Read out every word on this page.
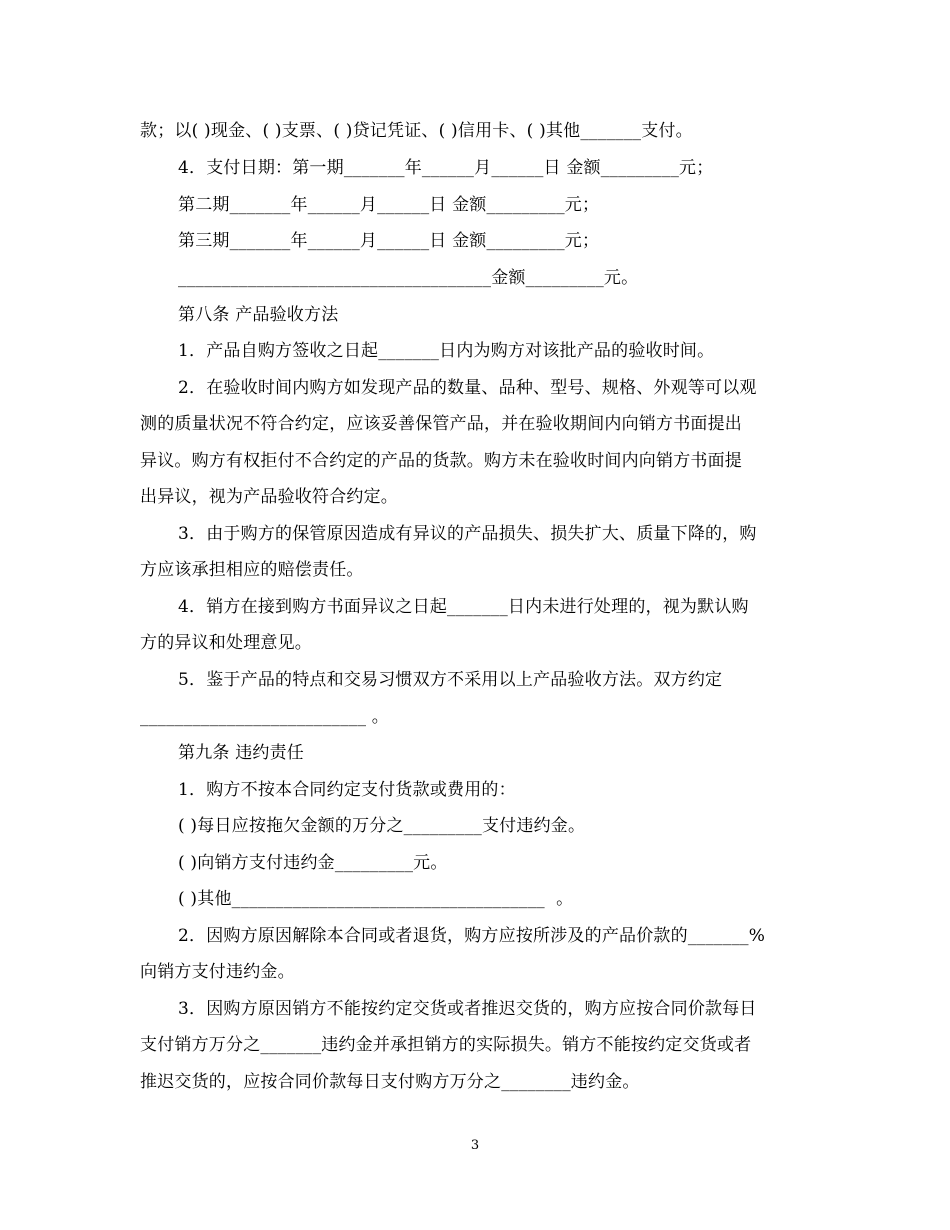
款；以( )现金、( )支票、( )贷记凭证、( )信用卡、( )其他_______支付。
4．支付日期：第一期_______年______月______日 金额_________元；
第二期_______年______月______日 金额_________元；
第三期_______年______月______日 金额_________元；
____________________________________金额_________元。
第八条 产品验收方法
1．产品自购方签收之日起_______日内为购方对该批产品的验收时间。
2．在验收时间内购方如发现产品的数量、品种、型号、规格、外观等可以观
测的质量状况不符合约定，应该妥善保管产品，并在验收期间内向销方书面提出
异议。购方有权拒付不合约定的产品的货款。购方未在验收时间内向销方书面提
出异议，视为产品验收符合约定。
3．由于购方的保管原因造成有异议的产品损失、损失扩大、质量下降的，购
方应该承担相应的赔偿责任。
4．销方在接到购方书面异议之日起_______日内未进行处理的，视为默认购
方的异议和处理意见。
5．鉴于产品的特点和交易习惯双方不采用以上产品验收方法。双方约定
__________________________ 。
第九条 违约责任
1．购方不按本合同约定支付货款或费用的：
( )每日应按拖欠金额的万分之_________支付违约金。
( )向销方支付违约金_________元。
( )其他____________________________________  。
2．因购方原因解除本合同或者退货，购方应按所涉及的产品价款的_______%
向销方支付违约金。
3．因购方原因销方不能按约定交货或者推迟交货的，购方应按合同价款每日
支付销方万分之_______违约金并承担销方的实际损失。销方不能按约定交货或者
推迟交货的，应按合同价款每日支付购方万分之________违约金。
3
